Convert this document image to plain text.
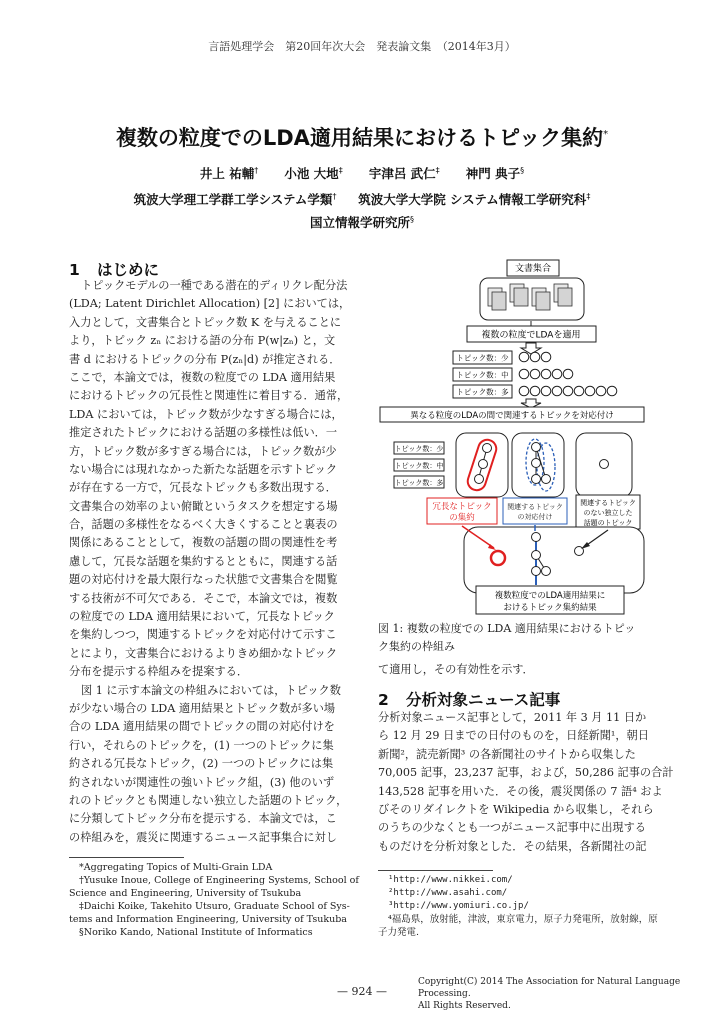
言語処理学会　第20回年次大会　発表論文集　（2014年3月）
複数の粒度でのLDA適用結果におけるトピック集約*
井上 祐輔† 小池 大地‡ 宇津呂 武仁‡ 神門 典子§
筑波大学理工学群工学システム学類† 筑波大学大学院 システム情報工学研究科‡
国立情報学研究所§
1 はじめに
トピックモデルの一種である潜在的ディリクレ配分法
(LDA; Latent Dirichlet Allocation) [2] においては，
入力として，文書集合とトピック数 K を与えることに
より，トピック zₙ における語の分布 P(w|zₙ) と，文
書 d におけるトピックの分布 P(zₙ|d) が推定される．
ここで，本論文では，複数の粒度での LDA 適用結果
におけるトピックの冗長性と関連性に着目する．通常，
LDA においては，トピック数が少なすぎる場合には，
推定されたトピックにおける話題の多様性は低い．一
方，トピック数が多すぎる場合には，トピック数が少
ない場合には現れなかった新たな話題を示すトピック
が存在する一方で，冗長なトピックも多数出現する．
文書集合の効率のよい俯瞰というタスクを想定する場
合，話題の多様性をなるべく大きくすることと裏表の
関係にあることとして，複数の話題の間の関連性を考
慮して，冗長な話題を集約するとともに，関連する話
題の対応付けを最大限行なった状態で文書集合を閲覧
する技術が不可欠である．そこで，本論文では，複数
の粒度での LDA 適用結果において，冗長なトピック
を集約しつつ，関連するトピックを対応付けて示すこ
とにより，文書集合におけるよりきめ細かなトピック
分布を提示する枠組みを提案する．
図 1 に示す本論文の枠組みにおいては，トピック数
が少ない場合の LDA 適用結果とトピック数が多い場
合の LDA 適用結果の間でトピックの間の対応付けを
行い，それらのトピックを，(1) 一つのトピックに集
約される冗長なトピック，(2) 一つのトピックには集
約されないが関連性の強いトピック組，(3) 他のいず
れのトピックとも関連しない独立した話題のトピック，
に分類してトピック分布を提示する．本論文では，こ
の枠組みを，震災に関連するニュース記事集合に対し
*Aggregating Topics of Multi-Grain LDA
†Yusuke Inoue, College of Engineering Systems, School of
Science and Engineering, University of Tsukuba
‡Daichi Koike, Takehito Utsuro, Graduate School of Sys-
tems and Information Engineering, University of Tsukuba
§Noriko Kando, National Institute of Informatics
文書集合
複数の粒度でLDAを適用
トピック数：少
トピック数：中
トピック数：多
異なる粒度のLDAの間で関連するトピックを対応付け
トピック数：少
トピック数：中
トピック数：多
冗長なトピック
の集約
関連するトピック
の対応付け
関連するトピック
のない独立した
話題のトピック
複数粒度でのLDA適用結果に
おけるトピック集約結果
図 1: 複数の粒度での LDA 適用結果におけるトピッ
ク集約の枠組み
て適用し，その有効性を示す．
2 分析対象ニュース記事
分析対象ニュース記事として，2011 年 3 月 11 日か
ら 12 月 29 日までの日付のものを，日経新聞¹，朝日
新聞²，読売新聞³ の各新聞社のサイトから収集した
70,005 記事，23,237 記事，および，50,286 記事の合計
143,528 記事を用いた．その後，震災関係の 7 語⁴ およ
びそのリダイレクトを Wikipedia から収集し，それら
のうちの少なくとも一つがニュース記事中に出現する
ものだけを分析対象とした．その結果，各新聞社の記
¹http://www.nikkei.com/
²http://www.asahi.com/
³http://www.yomiuri.co.jp/
⁴福島県，放射能，津波，東京電力，原子力発電所，放射線，原
子力発電.
— 924 —
Copyright(C) 2014 The Association for Natural Language Processing.
All Rights Reserved.
